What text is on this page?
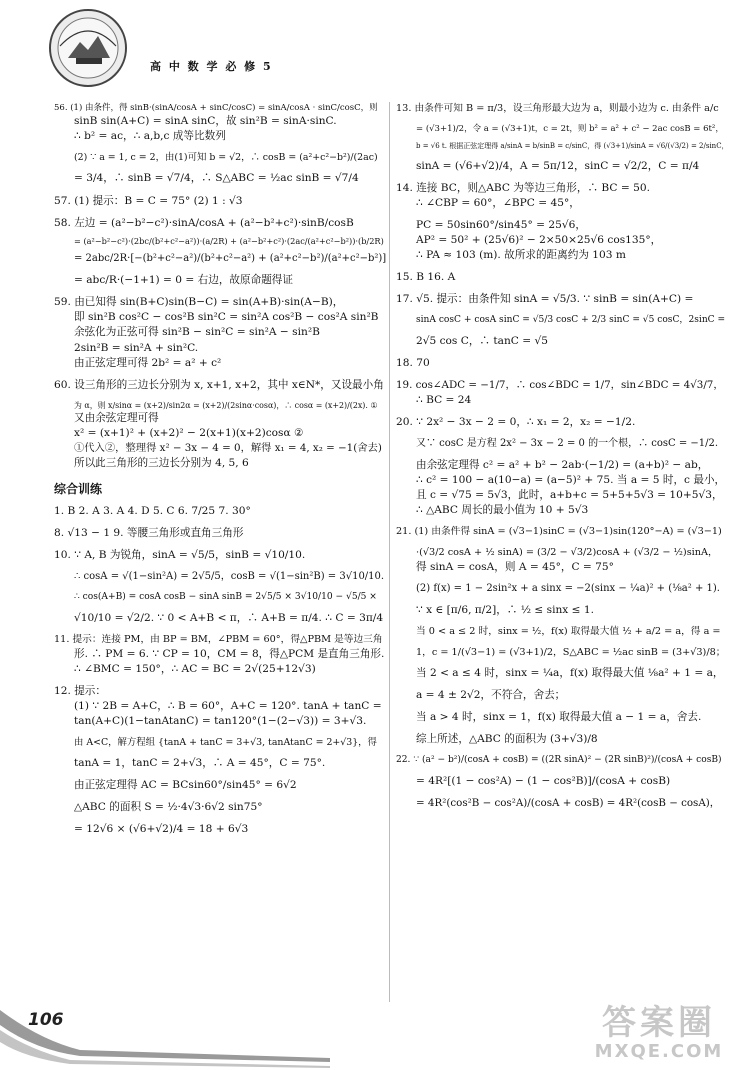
高 中 数 学 必 修 5

56. (1) 由条件，得 sinB·(sinA/cosA + sinC/cosC) = sinA/cosA · sinC/cosC，则

sinB sin(A+C) = sinA sinC，故 sin²B = sinA·sinC.

∴ b² = ac，∴ a,b,c 成等比数列

(2) ∵ a = 1, c = 2，由(1)可知 b = √2，∴ cosB = (a²+c²−b²)/(2ac)

= 3/4，∴ sinB = √7/4，∴ S△ABC = ½ac sinB = √7/4

57. (1) 提示：B = C = 75° (2) 1 : √3

58. 左边 = (a²−b²−c²)·sinA/cosA + (a²−b²+c²)·sinB/cosB

= (a²−b²−c²)·(2bc/(b²+c²−a²))·(a/2R) + (a²−b²+c²)·(2ac/(a²+c²−b²))·(b/2R)

= 2abc/2R·[−(b²+c²−a²)/(b²+c²−a²) + (a²+c²−b²)/(a²+c²−b²)]

= abc/R·(−1+1) = 0 = 右边，故原命题得证

59. 由已知得 sin(B+C)sin(B−C) = sin(A+B)·sin(A−B)，

即 sin²B cos²C − cos²B sin²C = sin²A cos²B − cos²A sin²B

余弦化为正弦可得 sin²B − sin²C = sin²A − sin²B

2sin²B = sin²A + sin²C.

由正弦定理可得 2b² = a² + c²

60. 设三角形的三边长分别为 x, x+1, x+2，其中 x∈N*，又设最小角

为 α，则 x/sinα = (x+2)/sin2α = (x+2)/(2sinα·cosα)，∴ cosα = (x+2)/(2x). ①

又由余弦定理可得

x² = (x+1)² + (x+2)² − 2(x+1)(x+2)cosα ②

①代入②，整理得 x² − 3x − 4 = 0，解得 x₁ = 4, x₂ = −1(舍去)

所以此三角形的三边长分别为 4, 5, 6

综合训练

1. B 2. A 3. A 4. D 5. C 6. 7/25 7. 30°

8. √13 − 1 9. 等腰三角形或直角三角形

10. ∵ A, B 为锐角，sinA = √5/5，sinB = √10/10.

∴ cosA = √(1−sin²A) = 2√5/5，cosB = √(1−sin²B) = 3√10/10.

∴ cos(A+B) = cosA cosB − sinA sinB = 2√5/5 × 3√10/10 − √5/5 ×

√10/10 = √2/2. ∵ 0 < A+B < π，∴ A+B = π/4. ∴ C = 3π/4

11. 提示：连接 PM，由 BP = BM，∠PBM = 60°，得△PBM 是等边三角

形. ∴ PM = 6. ∵ CP = 10，CM = 8，得△PCM 是直角三角形.

∴ ∠BMC = 150°，∴ AC = BC = 2√(25+12√3)

12. 提示：

(1) ∵ 2B = A+C，∴ B = 60°，A+C = 120°. tanA + tanC =

tan(A+C)(1−tanAtanC) = tan120°(1−(2−√3)) = 3+√3.

由 A<C，解方程组 {tanA + tanC = 3+√3, tanAtanC = 2+√3}，得

tanA = 1，tanC = 2+√3，∴ A = 45°，C = 75°.

由正弦定理得 AC = BCsin60°/sin45° = 6√2

△ABC 的面积 S = ½·4√3·6√2 sin75°

= 12√6 × (√6+√2)/4 = 18 + 6√3

13. 由条件可知 B = π/3，设三角形最大边为 a，则最小边为 c. 由条件 a/c

= (√3+1)/2，令 a = (√3+1)t，c = 2t，则 b² = a² + c² − 2ac cosB = 6t²，

b = √6 t. 根据正弦定理得 a/sinA = b/sinB = c/sinC，得 (√3+1)/sinA = √6/(√3/2) = 2/sinC，

sinA = (√6+√2)/4，A = 5π/12，sinC = √2/2，C = π/4

14. 连接 BC，则△ABC 为等边三角形，∴ BC = 50.

∴ ∠CBP = 60°，∠BPC = 45°，

PC = 50sin60°/sin45° = 25√6，

AP² = 50² + (25√6)² − 2×50×25√6 cos135°，

∴ PA ≈ 103 (m). 故所求的距离约为 103 m

15. B 16. A

17. √5. 提示：由条件知 sinA = √5/3. ∵ sinB = sin(A+C) =

sinA cosC + cosA sinC = √5/3 cosC + 2/3 sinC = √5 cosC，2sinC =

2√5 cos C，∴ tanC = √5

18. 70

19. cos∠ADC = −1/7，∴ cos∠BDC = 1/7，sin∠BDC = 4√3/7，

∴ BC = 24

20. ∵ 2x² − 3x − 2 = 0，∴ x₁ = 2，x₂ = −1/2.

又∵ cosC 是方程 2x² − 3x − 2 = 0 的一个根，∴ cosC = −1/2.

由余弦定理得 c² = a² + b² − 2ab·(−1/2) = (a+b)² − ab，

∴ c² = 100 − a(10−a) = (a−5)² + 75. 当 a = 5 时，c 最小，

且 c = √75 = 5√3，此时，a+b+c = 5+5+5√3 = 10+5√3，

∴ △ABC 周长的最小值为 10 + 5√3

21. (1) 由条件得 sinA = (√3−1)sinC = (√3−1)sin(120°−A) = (√3−1)

·(√3/2 cosA + ½ sinA) = (3/2 − √3/2)cosA + (√3/2 − ½)sinA，

得 sinA = cosA，则 A = 45°，C = 75°

(2) f(x) = 1 − 2sin²x + a sinx = −2(sinx − ¼a)² + (⅛a² + 1).

∵ x ∈ [π/6, π/2]，∴ ½ ≤ sinx ≤ 1.

当 0 < a ≤ 2 时，sinx = ½，f(x) 取得最大值 ½ + a/2 = a，得 a =

1，c = 1/(√3−1) = (√3+1)/2，S△ABC = ½ac sinB = (3+√3)/8；

当 2 < a ≤ 4 时，sinx = ¼a，f(x) 取得最大值 ⅛a² + 1 = a，

a = 4 ± 2√2，不符合，舍去；

当 a > 4 时，sinx = 1，f(x) 取得最大值 a − 1 = a，舍去.

综上所述，△ABC 的面积为 (3+√3)/8

22. ∵ (a² − b²)/(cosA + cosB) = ((2R sinA)² − (2R sinB)²)/(cosA + cosB)

= 4R²[(1 − cos²A) − (1 − cos²B)]/(cosA + cosB)

= 4R²(cos²B − cos²A)/(cosA + cosB) = 4R²(cosB − cosA)，

106	答案圈
MXQE.COM
